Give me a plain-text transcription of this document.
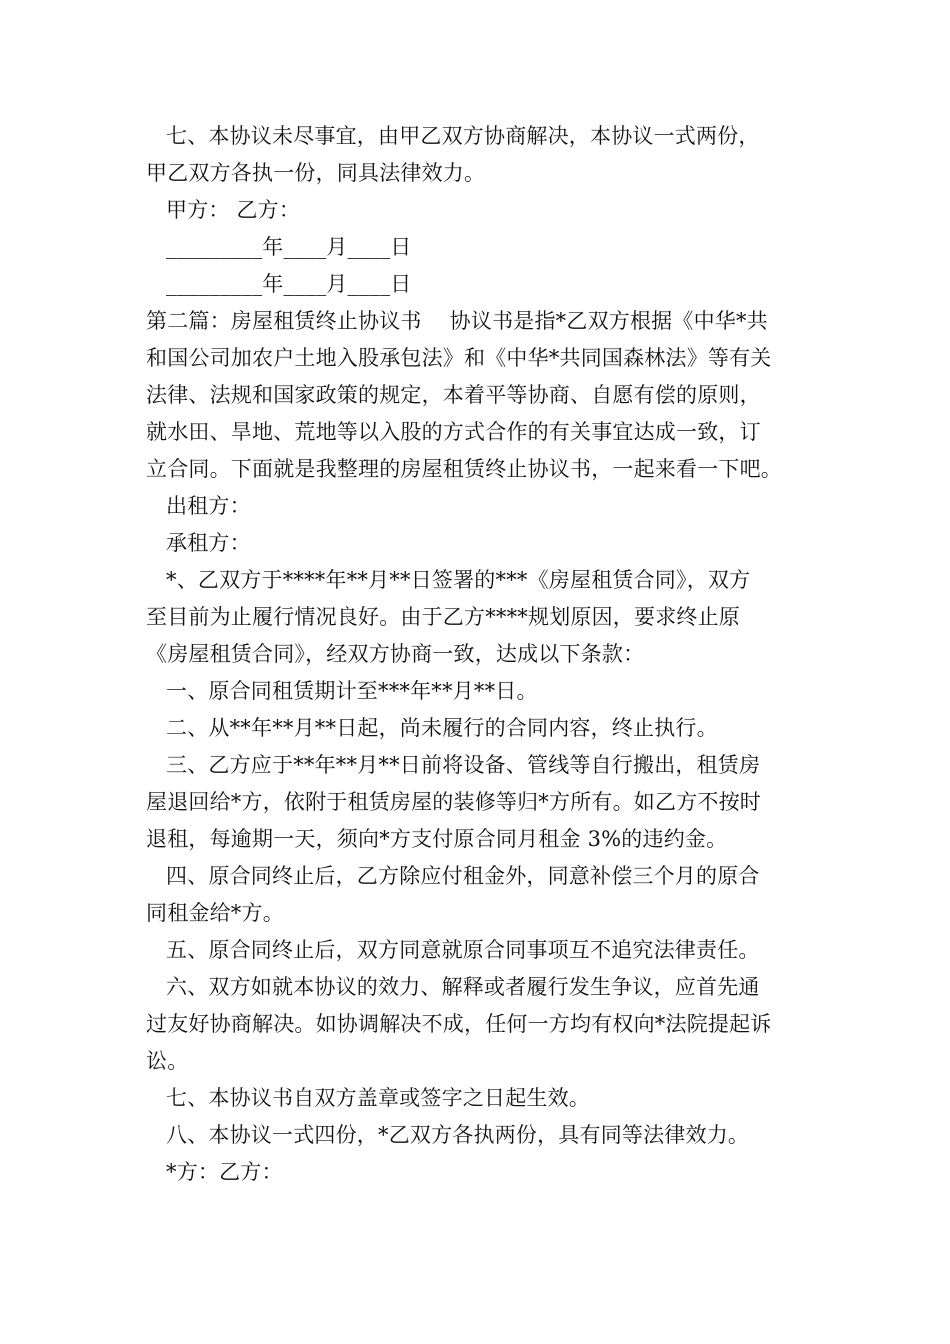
七、本协议未尽事宜，由甲乙双方协商解决，本协议一式两份，
甲乙双方各执一份，同具法律效力。
甲方： 乙方：
_________年____月____日
_________年____月____日
第二篇：房屋租赁终止协议书　 协议书是指*乙双方根据《中华*共
和国公司加农户土地入股承包法》和《中华*共同国森林法》等有关
法律、法规和国家政策的规定，本着平等协商、自愿有偿的原则，
就水田、旱地、荒地等以入股的方式合作的有关事宜达成一致，订
立合同。下面就是我整理的房屋租赁终止协议书，一起来看一下吧。
出租方：
承租方：
*、乙双方于****年**月**日签署的***《房屋租赁合同》，双方
至目前为止履行情况良好。由于乙方****规划原因，要求终止原
《房屋租赁合同》，经双方协商一致，达成以下条款：
一、原合同租赁期计至***年**月**日。
二、从**年**月**日起，尚未履行的合同内容，终止执行。
三、乙方应于**年**月**日前将设备、管线等自行搬出，租赁房
屋退回给*方，依附于租赁房屋的装修等归*方所有。如乙方不按时
退租，每逾期一天，须向*方支付原合同月租金 3%的违约金。
四、原合同终止后，乙方除应付租金外，同意补偿三个月的原合
同租金给*方。
五、原合同终止后，双方同意就原合同事项互不追究法律责任。
六、双方如就本协议的效力、解释或者履行发生争议，应首先通
过友好协商解决。如协调解决不成，任何一方均有权向*法院提起诉
讼。
七、本协议书自双方盖章或签字之日起生效。
八、本协议一式四份，*乙双方各执两份，具有同等法律效力。
*方：乙方：
